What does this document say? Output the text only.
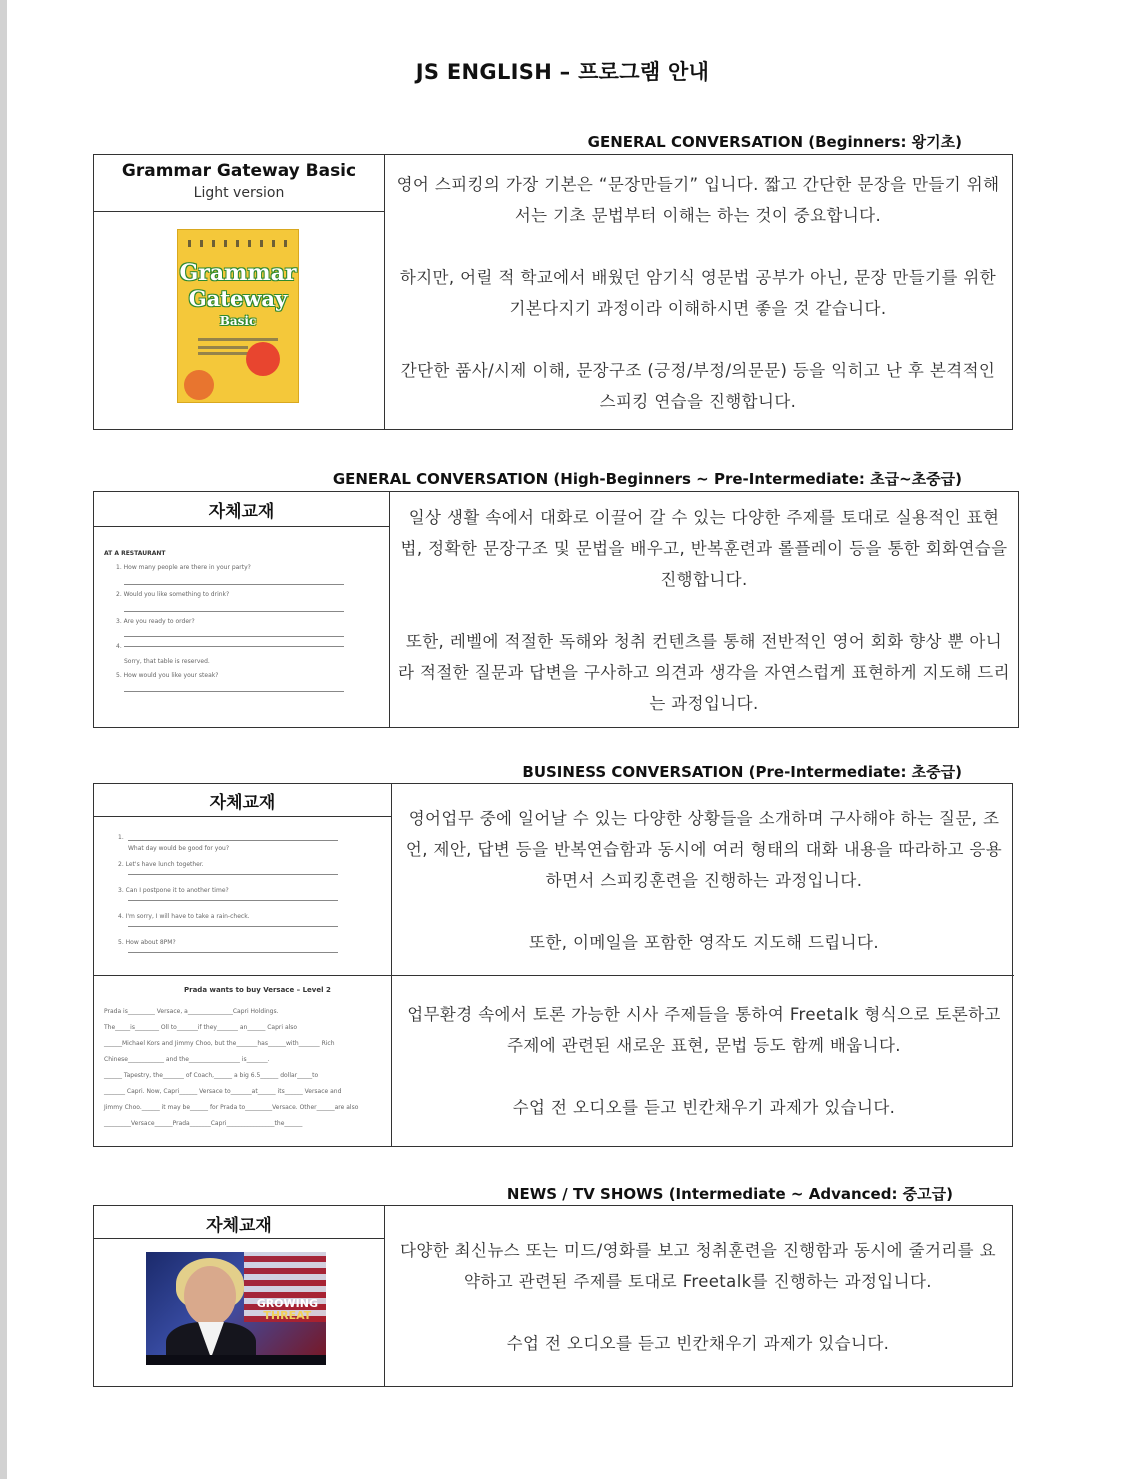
JS ENGLISH – 프로그램 안내
GENERAL CONVERSATION (Beginners: 왕기초)
Grammar Gateway Basic
Light version
Grammar
Gateway
Basic

영어 스피킹의 가장 기본은 “문장만들기” 입니다. 짧고 간단한 문장을 만들기 위해서는 기초 문법부터 이해는 하는 것이 중요합니다.

하지만, 어릴 적 학교에서 배웠던 암기식 영문법 공부가 아닌, 문장 만들기를 위한 기본다지기 과정이라 이해하시면 좋을 것 같습니다.

간단한 품사/시제 이해, 문장구조 (긍정/부정/의문문) 등을 익히고 난 후 본격적인 스피킹 연습을 진행합니다.

GENERAL CONVERSATION (High-Beginners ~ Pre-Intermediate: 초급~초중급)
자체교재
AT A RESTAURANT
1. How many people are there in your party?
2. Would you like something to drink?
3. Are you ready to order?
4.
Sorry, that table is reserved.
5. How would you like your steak?

일상 생활 속에서 대화로 이끌어 갈 수 있는 다양한 주제를 토대로 실용적인 표현법, 정확한 문장구조 및 문법을 배우고, 반복훈련과 롤플레이 등을 통한 회화연습을 진행합니다.

또한, 레벨에 적절한 독해와 청취 컨텐츠를 통해 전반적인 영어 회화 향상 뿐 아니라 적절한 질문과 답변을 구사하고 의견과 생각을 자연스럽게 표현하게 지도해 드리는 과정입니다.

BUSINESS CONVERSATION (Pre-Intermediate: 초중급)
자체교재
1.
What day would be good for you?
2. Let's have lunch together.
3. Can I postpone it to another time?
4. I'm sorry, I will have to take a rain-check.
5. How about 8PM?

영어업무 중에 일어날 수 있는 다양한 상황들을 소개하며 구사해야 하는 질문, 조언, 제안, 답변 등을 반복연습함과 동시에 여러 형태의 대화 내용을 따라하고 응용하면서 스피킹훈련을 진행하는 과정입니다.

또한, 이메일을 포함한 영작도 지도해 드립니다.

Prada wants to buy Versace – Level 2
Prada is_________ Versace, a_______________Capri Holdings.
The_____is________ Oll to_______if they_______ an______ Capri also
______Michael Kors and Jimmy Choo, but the_______has______with_______ Rich
Chinese____________ and the_________________ is_______.
______ Tapestry, the_______ of Coach,______ a big 6.5______ dollar_____to
_______ Capri. Now, Capri______ Versace to_______at______ its______ Versace and
Jimmy Choo.______ it may be______ for Prada to_________Versace. Other______are also
_________Versace______Prada_______Capri________________the______

업무환경 속에서 토론 가능한 시사 주제들을 통하여 Freetalk 형식으로 토론하고 주제에 관련된 새로운 표현, 문법 등도 함께 배웁니다.

수업 전 오디오를 듣고 빈칸채우기 과제가 있습니다.

NEWS / TV SHOWS (Intermediate ~ Advanced: 중고급)
자체교재
GROWING
THREAT

다양한 최신뉴스 또는 미드/영화를 보고 청취훈련을 진행함과 동시에 줄거리를 요약하고 관련된 주제를 토대로 Freetalk를 진행하는 과정입니다.

수업 전 오디오를 듣고 빈칸채우기 과제가 있습니다.
